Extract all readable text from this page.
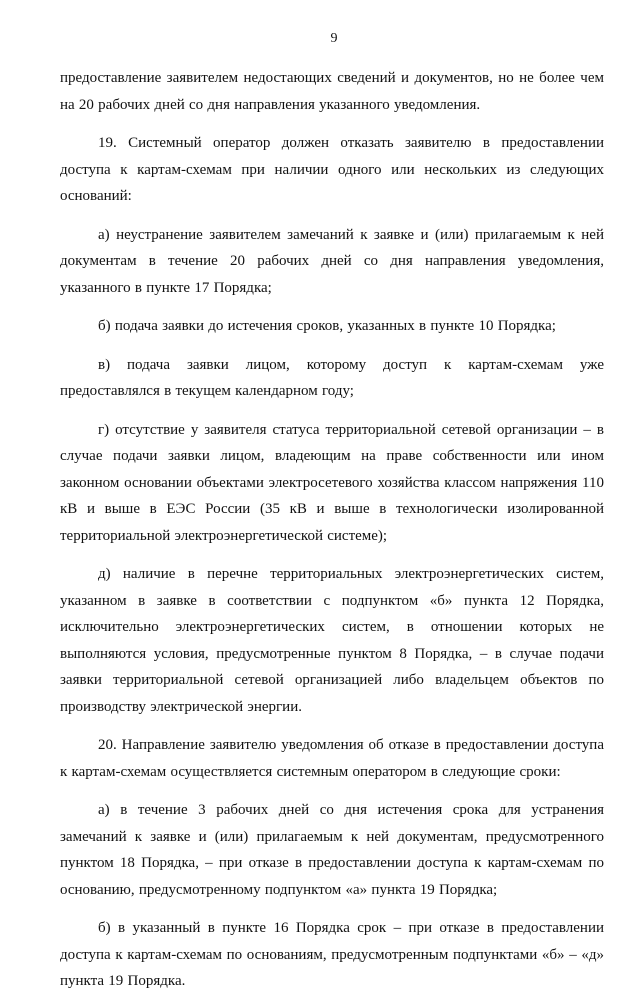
9

предоставление заявителем недостающих сведений и документов, но не более чем на 20 рабочих дней со дня направления указанного уведомления.

19. Системный оператор должен отказать заявителю в предоставлении доступа к картам-схемам при наличии одного или нескольких из следующих оснований:

а) неустранение заявителем замечаний к заявке и (или) прилагаемым к ней документам в течение 20 рабочих дней со дня направления уведомления, указанного в пункте 17 Порядка;

б) подача заявки до истечения сроков, указанных в пункте 10 Порядка;

в) подача заявки лицом, которому доступ к картам-схемам уже предоставлялся в текущем календарном году;

г) отсутствие у заявителя статуса территориальной сетевой организации – в случае подачи заявки лицом, владеющим на праве собственности или ином законном основании объектами электросетевого хозяйства классом напряжения 110 кВ и выше в ЕЭС России (35 кВ и выше в технологически изолированной территориальной электроэнергетической системе);

д) наличие в перечне территориальных электроэнергетических систем, указанном в заявке в соответствии с подпунктом «б» пункта 12 Порядка, исключительно электроэнергетических систем, в отношении которых не выполняются условия, предусмотренные пунктом 8 Порядка, – в случае подачи заявки территориальной сетевой организацией либо владельцем объектов по производству электрической энергии.

20. Направление заявителю уведомления об отказе в предоставлении доступа к картам-схемам осуществляется системным оператором в следующие сроки:

а) в течение 3 рабочих дней со дня истечения срока для устранения замечаний к заявке и (или) прилагаемым к ней документам, предусмотренного пунктом 18 Порядка, – при отказе в предоставлении доступа к картам-схемам по основанию, предусмотренному подпунктом «а» пункта 19 Порядка;

б) в указанный в пункте 16 Порядка срок – при отказе в предоставлении доступа к картам-схемам по основаниям, предусмотренным подпунктами «б» – «д» пункта 19 Порядка.
